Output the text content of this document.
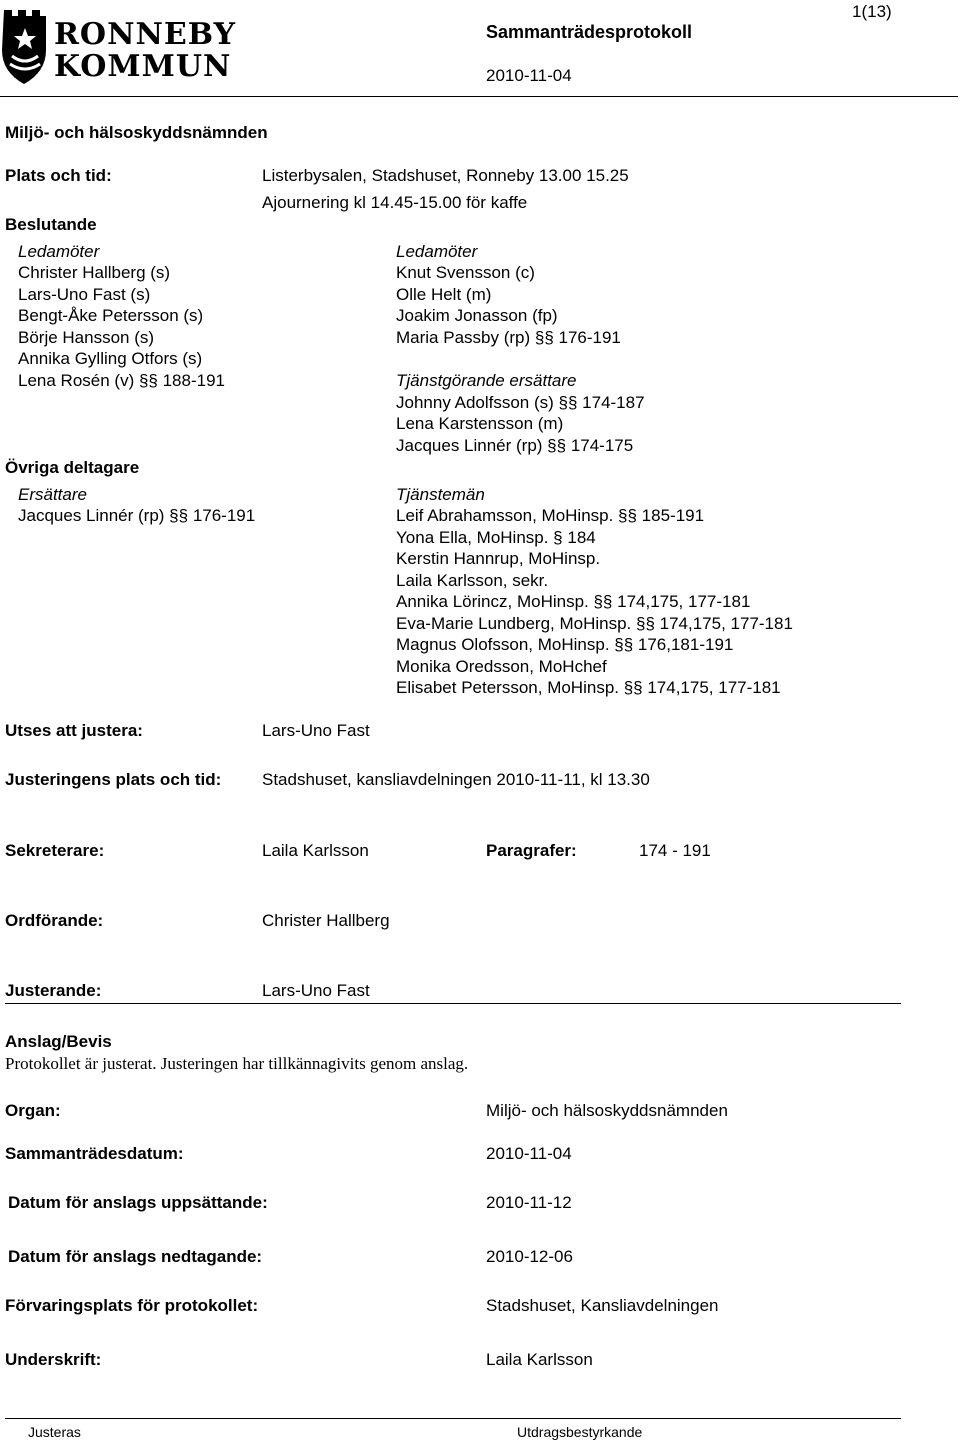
RONNEBY
KOMMUN
Sammanträdesprotokoll
2010-11-04
1(13)
Miljö- och hälsoskyddsnämnden
Plats och tid:	Listerbysalen, Stadshuset, Ronneby 13.00 15.25
Ajournering kl 14.45-15.00 för kaffe
Beslutande
Ledamöter
Christer Hallberg (s)
Lars-Uno Fast (s)
Bengt-Åke Petersson (s)
Börje Hansson (s)
Annika Gylling Otfors (s)
Lena Rosén (v) §§ 188-191
Ledamöter
Knut Svensson (c)
Olle Helt (m)
Joakim Jonasson (fp)
Maria Passby (rp) §§ 176-191
Tjänstgörande ersättare
Johnny Adolfsson (s) §§ 174-187
Lena Karstensson (m)
Jacques Linnér (rp) §§ 174-175
Övriga deltagare
Ersättare
Jacques Linnér (rp) §§ 176-191
Tjänstemän
Leif Abrahamsson, MoHinsp. §§ 185-191
Yona Ella, MoHinsp. § 184
Kerstin Hannrup, MoHinsp.
Laila Karlsson, sekr.
Annika Lörincz, MoHinsp. §§ 174,175, 177-181
Eva-Marie Lundberg, MoHinsp. §§ 174,175, 177-181
Magnus Olofsson, MoHinsp. §§ 176,181-191
Monika Oredsson, MoHchef
Elisabet Petersson, MoHinsp. §§ 174,175, 177-181
Utses att justera:	Lars-Uno Fast
Justeringens plats och tid: Stadshuset, kansliavdelningen 2010-11-11, kl 13.30
Sekreterare:	Laila Karlsson	Paragrafer:	174 - 191
Ordförande:	Christer Hallberg
Justerande:	Lars-Uno Fast
Anslag/Bevis
Protokollet är justerat. Justeringen har tillkännagivits genom anslag.
Organ:	Miljö- och hälsoskyddsnämnden
Sammanträdesdatum:	2010-11-04
Datum för anslags uppsättande:	2010-11-12
Datum för anslags nedtagande:	2010-12-06
Förvaringsplats för protokollet:	Stadshuset, Kansliavdelningen
Underskrift:	Laila Karlsson
Justeras	Utdragsbestyrkande
